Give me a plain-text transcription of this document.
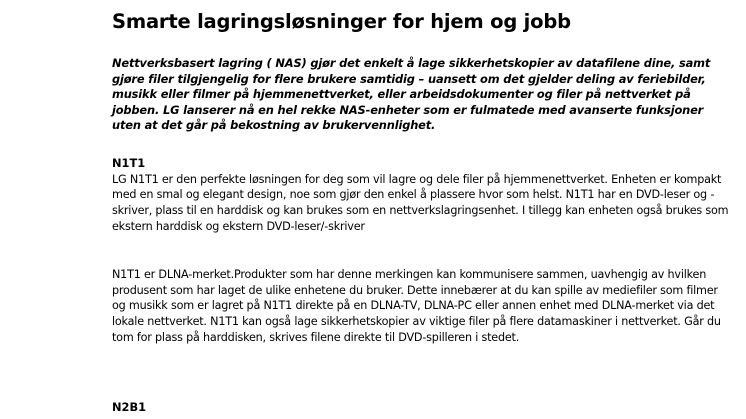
Smarte lagringsløsninger for hjem og jobb

Nettverksbasert lagring ( NAS) gjør det enkelt å lage sikkerhetskopier av datafilene dine, samt gjøre filer tilgjengelig for flere brukere samtidig – uansett om det gjelder deling av feriebilder, musikk eller filmer på hjemmenettverket, eller arbeidsdokumenter og filer på nettverket på jobben. LG lanserer nå en hel rekke NAS-enheter som er fulmatede med avanserte funksjoner uten at det går på bekostning av brukervennlighet.

N1T1

LG N1T1 er den perfekte løsningen for deg som vil lagre og dele filer på hjemmenettverket. Enheten er kompakt med en smal og elegant design, noe som gjør den enkel å plassere hvor som helst. N1T1 har en DVD-leser og -skriver, plass til en harddisk og kan brukes som en nettverkslagringsenhet. I tillegg kan enheten også brukes som ekstern harddisk og ekstern DVD-leser/-skriver

N1T1 er DLNA-merket.Produkter som har denne merkingen kan kommunisere sammen, uavhengig av hvilken produsent som har laget de ulike enhetene du bruker. Dette innebærer at du kan spille av mediefiler som filmer og musikk som er lagret på N1T1 direkte på en DLNA-TV, DLNA-PC eller annen enhet med DLNA-merket via det lokale nettverket. N1T1 kan også lage sikkerhetskopier av viktige filer på flere datamaskiner i nettverket. Går du tom for plass på harddisken, skrives filene direkte til DVD-spilleren i stedet.

N2B1
